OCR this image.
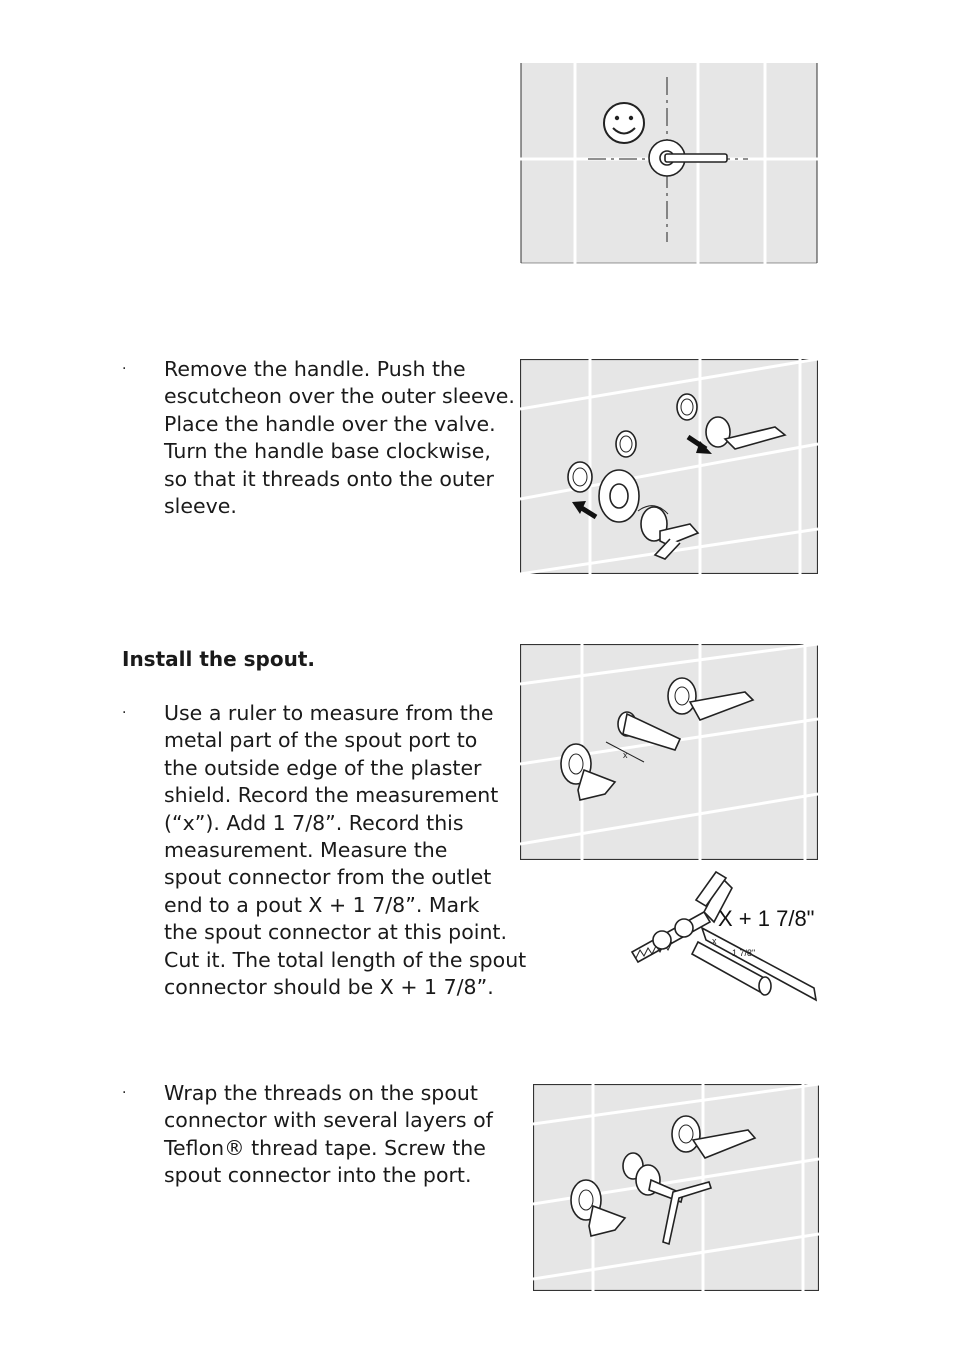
· Remove the handle. Push the
escutcheon over the outer sleeve.
Place the handle over the valve.
Turn the handle base clockwise,
so that it threads onto the outer
sleeve.
Install the spout.
x
· Use a ruler to measure from the
metal part of the spout port to
the outside edge of the plaster
shield. Record the measurement
(“x”). Add 1 7/8”. Record this
measurement. Measure the
spout connector from the outlet
end to a pout X + 1 7/8”. Mark
the spout connector at this point.
Cut it. The total length of the spout
connector should be X + 1 7/8”.
X + 1 7/8"
x
1 7/8"
· Wrap the threads on the spout
connector with several layers of
Teflon® thread tape. Screw the
spout connector into the port.
